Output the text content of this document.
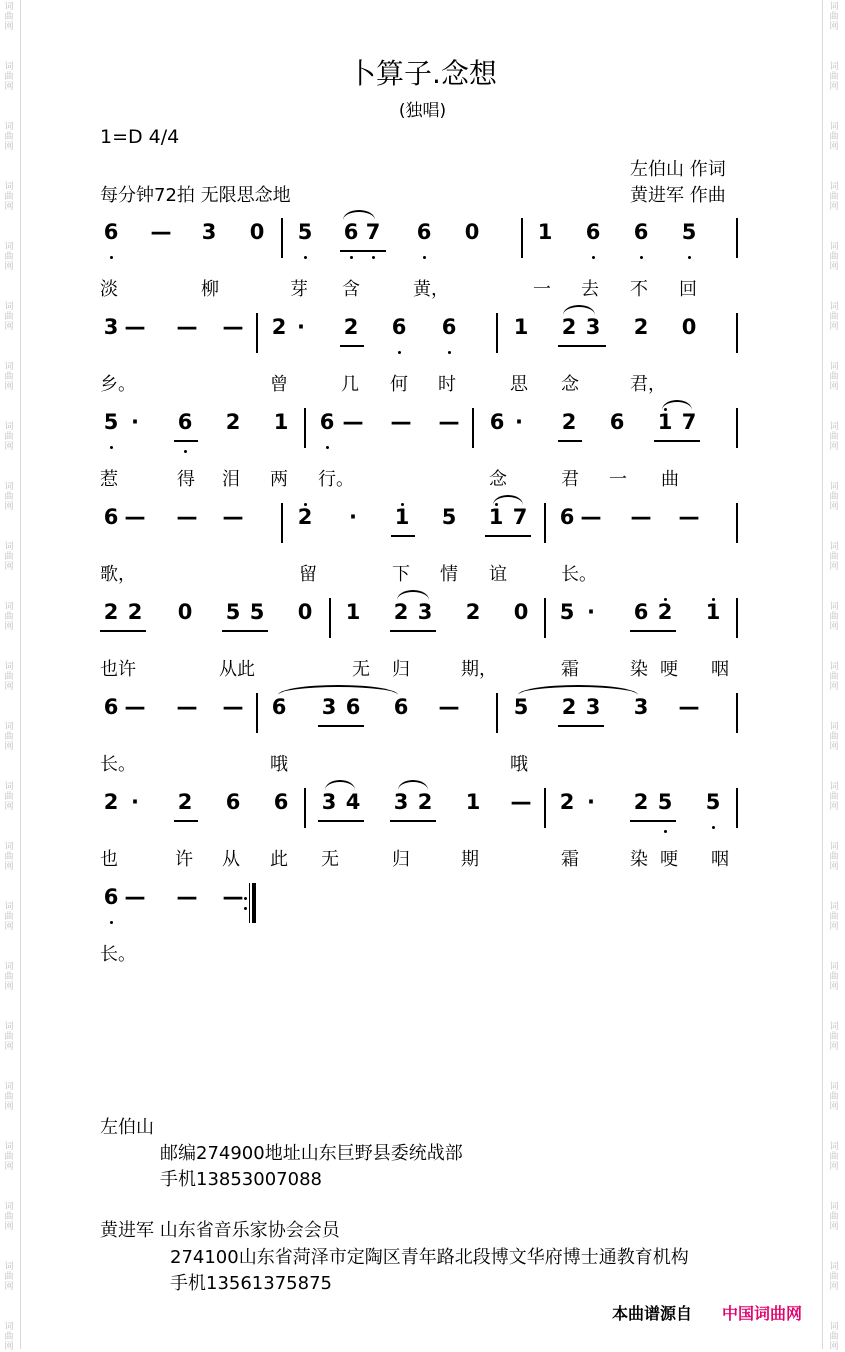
词
曲
网
词
曲
网
词
曲
网
词
曲
网
词
曲
网
词
曲
网
词
曲
网
词
曲
网
词
曲
网
词
曲
网
词
曲
网
词
曲
网
词
曲
网
词
曲
网
词
曲
网
词
曲
网
词
曲
网
词
曲
网
词
曲
网
词
曲
网
词
曲
网
词
曲
网
词
曲
网
词
曲
网
词
曲
网
词
曲
网
词
曲
网
词
曲
网
词
曲
网
词
曲
网
词
曲
网
词
曲
网
词
曲
网
词
曲
网
词
曲
网
词
曲
网
词
曲
网
词
曲
网
词
曲
网
词
曲
网
词
曲
网
词
曲
网
词
曲
网
词
曲
网
词
曲
网
词
曲
网
卜算子.念想
(独唱)
1=D 4/4
左伯山 作词
每分钟72拍 无限思念地	黄进军 作曲
6 — 3 0 5 6 7 6 0	1 6 6 5
淡	柳	芽 含	黄，	一 去 不 回
3 — — — 2 ·	2 6 6	1 2 3 2 0
乡。	曾	几 何 时	思 念	君，
5 ·	6 2 1 6 — — — 6 ·	2 6 1 7
惹	得 泪 两 行。	念	君 一 曲
6 — — —	2	·	1 5 1 7 6 — — —
歌，	留	下 情 谊	长。
2 2 0 5 5 0 1 2 3 2 0 5 ·	6 2 1
也许	从此	无 归	期，	霜	染 哽 咽
6 — — — 6 3 6 6 —	5 2 3 3 —
长。	哦	哦
2 ·	2 6 6 3 4 3 2 1 — 2 ·	2 5 5
也	许 从 此 无	归	期	霜	染 哽 咽
6 — — —
长。
左伯山
邮编274900地址山东巨野县委统战部
手机13853007088
黄进军 山东省音乐家协会会员
274100山东省菏泽市定陶区青年路北段博文华府博士通教育机构
手机13561375875
本曲谱源自 中国词曲网
